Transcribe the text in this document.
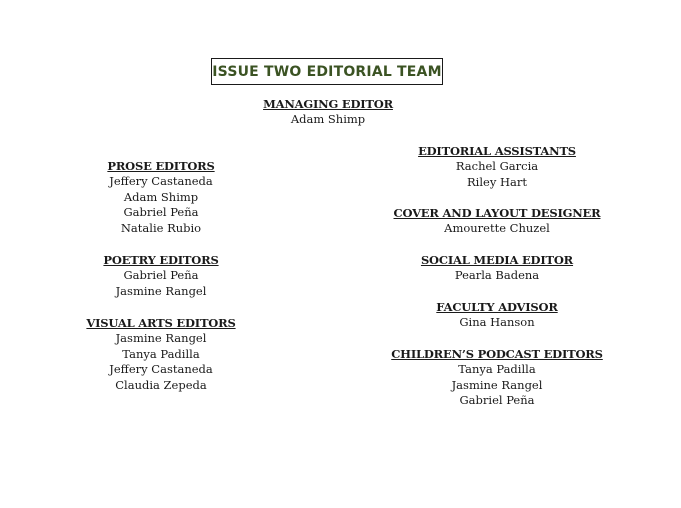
ISSUE TWO EDITORIAL TEAM
MANAGING EDITOR
Adam Shimp
PROSE EDITORS
Jeffery Castaneda
Adam Shimp
Gabriel Peña
Natalie Rubio
POETRY EDITORS
Gabriel Peña
Jasmine Rangel
VISUAL ARTS EDITORS
Jasmine Rangel
Tanya Padilla
Jeffery Castaneda
Claudia Zepeda
EDITORIAL ASSISTANTS
Rachel Garcia
Riley Hart
COVER AND LAYOUT DESIGNER
Amourette Chuzel
SOCIAL MEDIA EDITOR
Pearla Badena
FACULTY ADVISOR
Gina Hanson
CHILDREN’S PODCAST EDITORS
Tanya Padilla
Jasmine Rangel
Gabriel Peña
